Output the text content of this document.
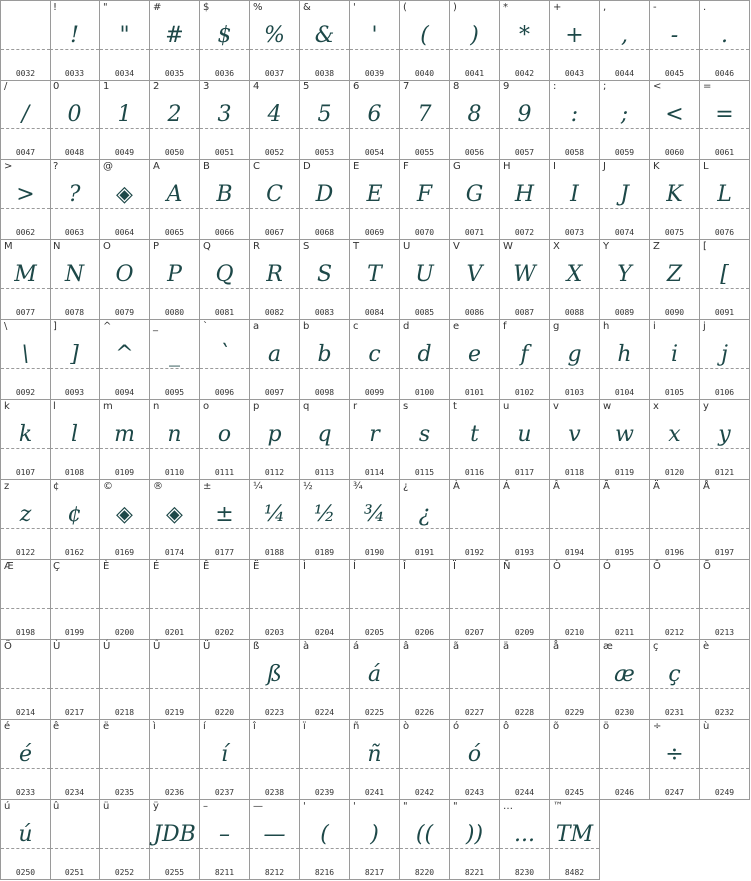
0032
!
!
0033
"
"
0034
#
#
0035
$
$
0036
%
%
0037
&
&
0038
'
'
0039
(
(
0040
)
)
0041
*
*
0042
+
+
0043
,
,
0044
-
-
0045
.
.
0046
/
/
0047
0
0
0048
1
1
0049
2
2
0050
3
3
0051
4
4
0052
5
5
0053
6
6
0054
7
7
0055
8
8
0056
9
9
0057
:
:
0058
;
;
0059
<
<
0060
=
=
0061
>
>
0062
?
?
0063
@
◈
0064
A
A
0065
B
B
0066
C
C
0067
D
D
0068
E
E
0069
F
F
0070
G
G
0071
H
H
0072
I
I
0073
J
J
0074
K
K
0075
L
L
0076
M
M
0077
N
N
0078
O
O
0079
P
P
0080
Q
Q
0081
R
R
0082
S
S
0083
T
T
0084
U
U
0085
V
V
0086
W
W
0087
X
X
0088
Y
Y
0089
Z
Z
0090
[
[
0091
\
\
0092
]
]
0093
^
^
0094
_
_
0095
`
`
0096
a
a
0097
b
b
0098
c
c
0099
d
d
0100
e
e
0101
f
f
0102
g
g
0103
h
h
0104
i
i
0105
j
j
0106
k
k
0107
l
l
0108
m
m
0109
n
n
0110
o
o
0111
p
p
0112
q
q
0113
r
r
0114
s
s
0115
t
t
0116
u
u
0117
v
v
0118
w
w
0119
x
x
0120
y
y
0121
z
z
0122
¢
¢
0162
©
◈
0169
®
◈
0174
±
±
0177
¼
¼
0188
½
½
0189
¾
¾
0190
¿
¿
0191
À
0192
Á
0193
Â
0194
Ã
0195
Ä
0196
Å
0197
Æ
0198
Ç
0199
È
0200
É
0201
Ê
0202
Ë
0203
Ì
0204
Í
0205
Î
0206
Ï
0207
Ñ
0209
Ò
0210
Ó
0211
Ô
0212
Õ
0213
Ö
0214
Ù
0217
Ú
0218
Û
0219
Ü
0220
ß
ß
0223
à
0224
á
á
0225
â
0226
ã
0227
ä
0228
å
0229
æ
æ
0230
ç
ç
0231
è
0232
é
é
0233
ê
0234
ë
0235
ì
0236
í
í
0237
î
0238
ï
0239
ñ
ñ
0241
ò
0242
ó
ó
0243
ô
0244
õ
0245
ö
0246
÷
÷
0247
ù
0249
ú
ú
0250
û
0251
ü
0252
ÿ
JDB
0255
–
–
8211
—
—
8212
'
(
8216
'
)
8217
"
((
8220
"
))
8221
…
...
8230
™
TM
8482
